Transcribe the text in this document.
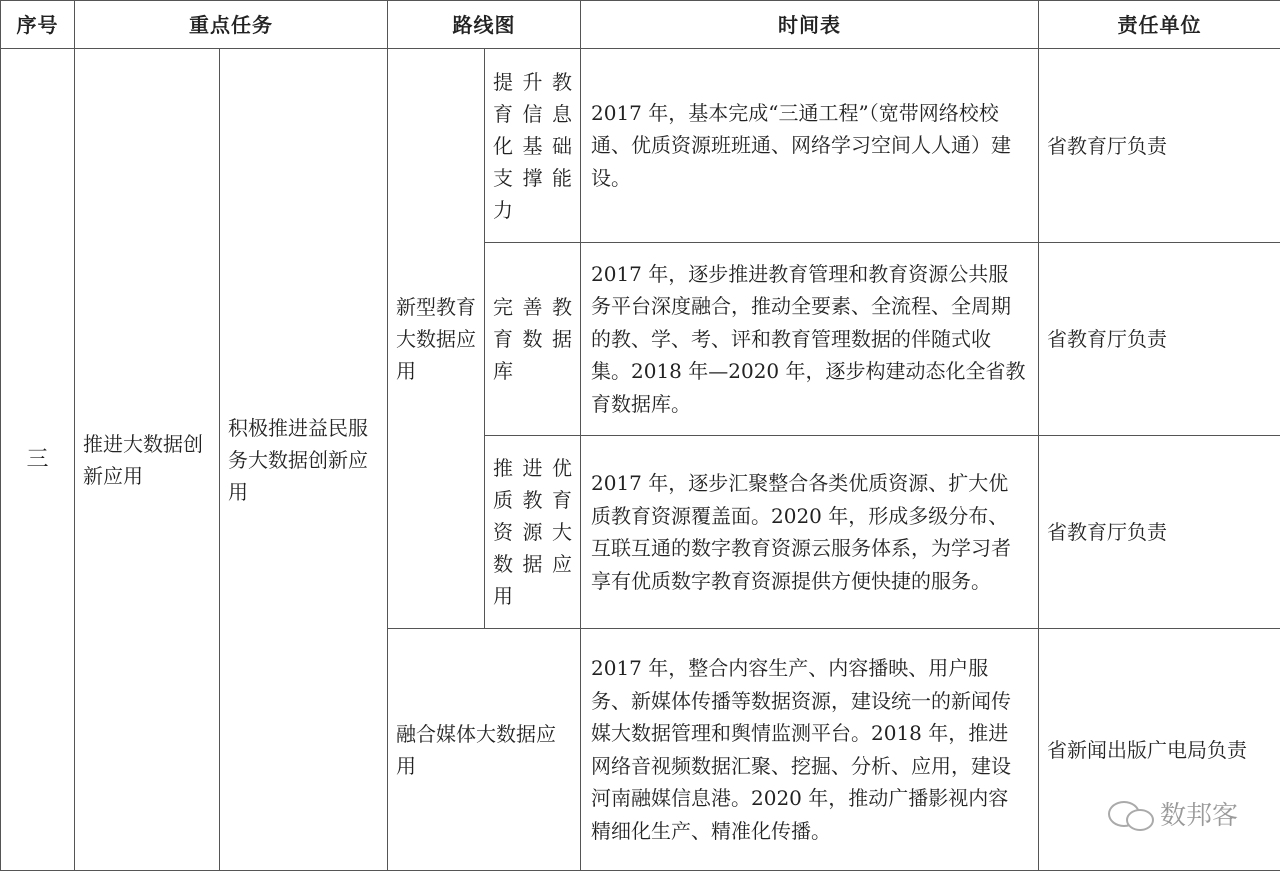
序号	重点任务		路线图		时间表	责任单位
三	推进大数据创新应用	积极推进益民服务大数据创新应用	新型教育大数据应用	提升教育信息化基础支撑能力	2017 年，基本完成“三通工程”（宽带网络校校通、优质资源班班通、网络学习空间人人通）建设。	省教育厅负责
				完善教育数据库	2017 年，逐步推进教育管理和教育资源公共服务平台深度融合，推动全要素、全流程、全周期的教、学、考、评和教育管理数据的伴随式收集。2018 年—2020 年，逐步构建动态化全省教育数据库。	省教育厅负责
				推进优质教育资源大数据应用	2017 年，逐步汇聚整合各类优质资源、扩大优质教育资源覆盖面。2020 年，形成多级分布、互联互通的数字教育资源云服务体系，为学习者享有优质数字教育资源提供方便快捷的服务。	省教育厅负责
			融合媒体大数据应用		2017 年，整合内容生产、内容播映、用户服务、新媒体传播等数据资源，建设统一的新闻传媒大数据管理和舆情监测平台。2018 年，推进网络音视频数据汇聚、挖掘、分析、应用，建设河南融媒信息港。2020 年，推动广播影视内容精细化生产、精准化传播。	省新闻出版广电局负责
数邦客
